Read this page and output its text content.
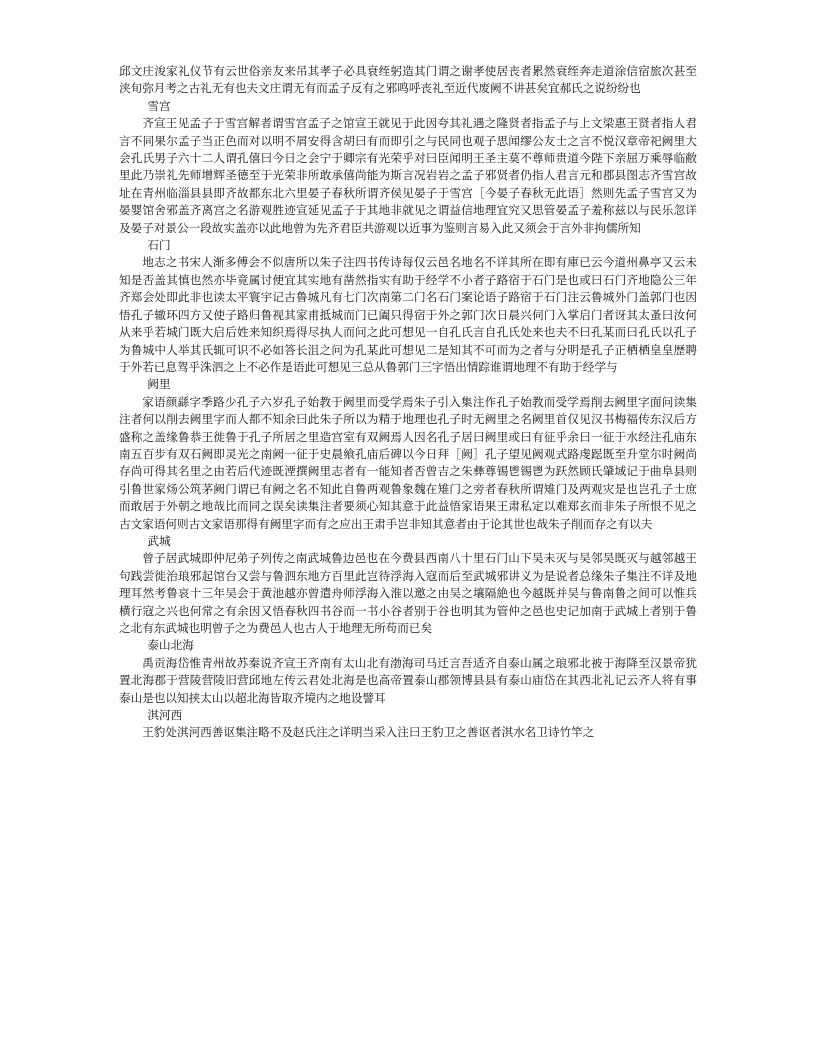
邱文庄浚家礼仪节有云世俗亲友来吊其孝子必具衰绖躬造其门谓之谢孝使居丧者累然衰绖奔走道涂信宿旅次甚至浃旬弥月考之古礼无有也夫文庄谓无有而孟子反有之邪鸣呼丧礼至近代废阙不讲甚矣宜郝氏之说纷纷也

雪宫

齐宣王见孟子于雪宫解者谓雪宫孟子之馆宣王就见于此因夸其礼遇之隆贤者指孟子与上文梁惠王贤者指人君言不同果尔孟子当正色而对以明不屑安得含胡曰有而即引之与民同也观子思闻缪公友士之言不悦汉章帝祀阙里大会孔氏男子六十二人谓孔僖曰今日之会宁于卿宗有光荣乎对曰臣闻明王圣主莫不尊师贵道今陛下亲屈万乘辱临敝里此乃崇礼先师增辉圣德至于光荣非所敢承僖尚能为斯言况岩岩之孟子邪贤者仍指人君言元和郡县图志齐雪宫故址在青州临淄县县即齐故都东北六里晏子春秋所谓齐侯见晏子于雪宫［今晏子春秋无此语］然则先孟子雪宫又为晏婴馆舍邪盖齐离宫之名游观胜迹宣延见孟子于其地非就见之谓益信地理宜究又思管晏孟子羞称兹以与民乐忽详及晏子对景公一段故实盖亦以此地曾为先齐君臣共游观以近事为鉴则言易入此又须会于言外非拘儒所知

石门

地志之书宋人渐多傅会不似唐所以朱子注四书传诗每仅云邑名地名不详其所在即有庫已云今道州鼻亭又云未知是否盖其慎也然亦毕竟属讨便宜其实地有凿然指实有助于经学不小者子路宿于石门是也或曰石门齐地隐公三年齐郑会处即此非也读太平寰宇记古鲁城凡有七门次南第二门名石门案论语子路宿于石门注云鲁城外门盖郭门也因悟孔子辙环四方又使子路归鲁视其家甫抵城而门已阖只得宿于外之郭门次日晨兴伺门入掌启门者讶其太蚤曰汝何从来乎若城门既大启后姓来知织焉得尽执人而问之此可想见一自孔氏言自孔氏处来也夫不曰孔某而曰孔氏以孔子为鲁城中人举其氏辄可识不必如答长沮之问为孔某此可想见二是知其不可而为之者与分明是孔子正栖栖皇皇歴聘于外若已息驾乎洙泗之上不必作是语此可想见三总从鲁郭门三字悟出情踪谁谓地理不有助于经学与

阙里

家语颜繇字季路少孔子六岁孔子始教于阙里而受学焉朱子引入集注作孔子始教而受学焉削去阙里字面问读集注者何以削去阙里字而人都不知余曰此朱子所以为精于地理也孔子时无阙里之名阙里首仅见汉书梅福传东汉后方盛称之盖缘鲁恭王徙鲁于孔子所居之里造宫室有双阙焉人因名孔子居曰阙里或曰有征乎余曰一征于水经注孔庙东南五百步有双石阙即灵光之南阙一征于史晨飨孔庙后碑以今日拜［阙］孔子望见阙观式路虔跽既至升堂尔时阙尚存尚可得其名里之由若后代迹既湮撰阙里志者有一能知者否曾吉之朱彝尊锡鬯锡鬯为跃然顾氏肇域记于曲阜县则引鲁世家炀公筑茅阙门谓已有阙之名不知此自鲁两观鲁象魏在雉门之旁者春秋所谓雉门及两观灾是也岂孔子士庶而敢居于外朝之地哉比而同之误矣读集注者要须心知其意于此益悟家语果王肃私定以难郑玄而非朱子所恨不见之古文家语何则古文家语那得有阙里字而有之应出王肃手岂非知其意者由于论其世也哉朱子削而存之有以夫

武城

曾子居武城即仲尼弟子列传之南武城鲁边邑也在今费县西南八十里石门山下吴未灭与吴邻吴既灭与越邻越王句践尝徙治琅邪起馆台又尝与鲁泗东地方百里此岂待浮海入寇而后至武城邪讲义为是说者总缘朱子集注不详及地理耳然考鲁哀十三年吴会于黄池越亦曾遣舟师浮海入淮以邀之由吴之壤隔絶也今越既并吴与鲁南鲁之间可以惟兵横行寇之兴也何常之有余因又悟春秋四书谷而一书小谷者别于谷也明其为管仲之邑也史记加南于武城上者别于鲁之北有东武城也明曾子之为费邑人也古人于地理无所苟而已矣

泰山北海

禹贡海岱惟青州故苏秦说齐宣王齐南有太山北有渤海司马迁言吾适齐自泰山属之琅邪北被于海降至汉景帝犹置北海郡于营陵营陵旧营邱地左传云君处北海是也高帝置泰山郡领博县县有泰山庙岱在其西北礼记云齐人将有事泰山是也以知挟太山以超北海皆取齐境内之地设譬耳

淇河西

王豹处淇河西善讴集注略不及赵氏注之详明当采入注曰王豹卫之善讴者淇水名卫诗竹竿之
